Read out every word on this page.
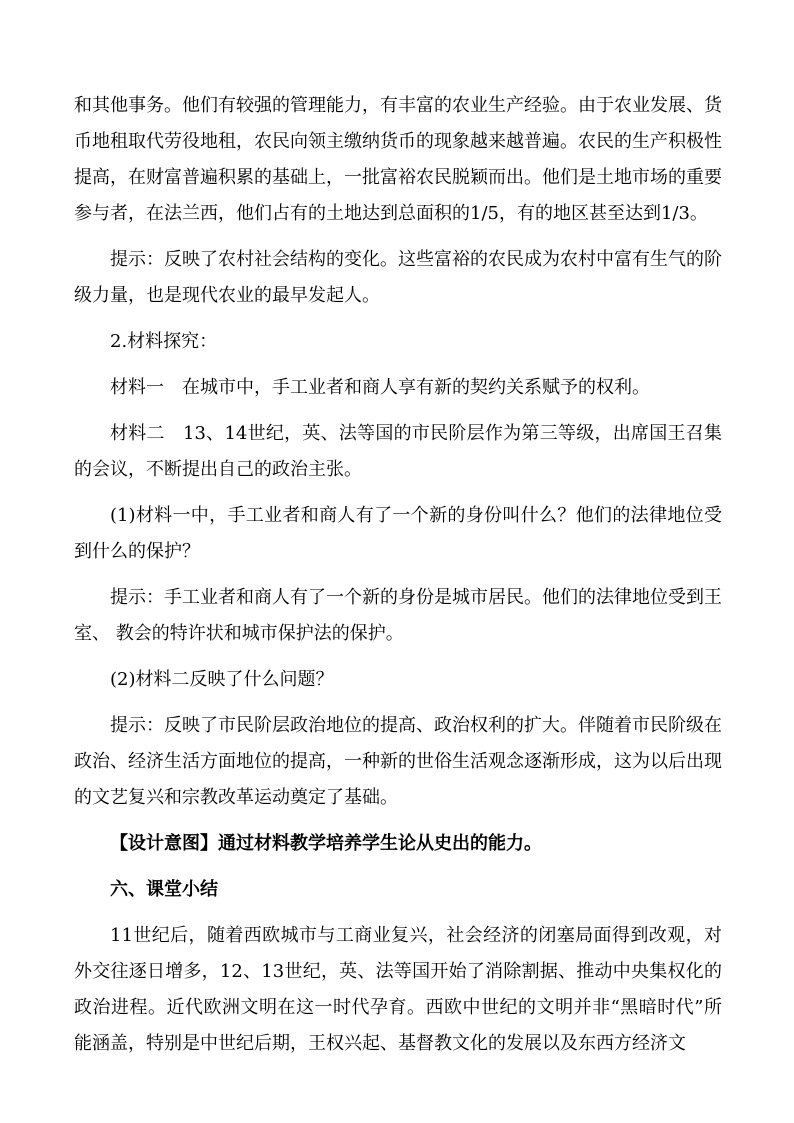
和其他事务。他们有较强的管理能力，有丰富的农业生产经验。由于农业发展、货币地租取代劳役地租，农民向领主缴纳货币的现象越来越普遍。农民的生产积极性提高，在财富普遍积累的基础上，一批富裕农民脱颖而出。他们是土地市场的重要参与者，在法兰西，他们占有的土地达到总面积的1/5，有的地区甚至达到1/3。

提示：反映了农村社会结构的变化。这些富裕的农民成为农村中富有生气的阶级力量，也是现代农业的最早发起人。

2.材料探究：

材料一　在城市中，手工业者和商人享有新的契约关系赋予的权利。

材料二　13、14世纪，英、法等国的市民阶层作为第三等级，出席国王召集的会议，不断提出自己的政治主张。

(1)材料一中，手工业者和商人有了一个新的身份叫什么？他们的法律地位受到什么的保护？

提示：手工业者和商人有了一个新的身份是城市居民。他们的法律地位受到王室、 教会的特许状和城市保护法的保护。

(2)材料二反映了什么问题？

提示：反映了市民阶层政治地位的提高、政治权利的扩大。伴随着市民阶级在政治、经济生活方面地位的提高，一种新的世俗生活观念逐渐形成，这为以后出现的文艺复兴和宗教改革运动奠定了基础。

【设计意图】通过材料教学培养学生论从史出的能力。

六、课堂小结

11世纪后，随着西欧城市与工商业复兴，社会经济的闭塞局面得到改观，对外交往逐日增多，12、13世纪，英、法等国开始了消除割据、推动中央集权化的政治进程。近代欧洲文明在这一时代孕育。西欧中世纪的文明并非“黑暗时代”所能涵盖，特别是中世纪后期，王权兴起、基督教文化的发展以及东西方经济文
